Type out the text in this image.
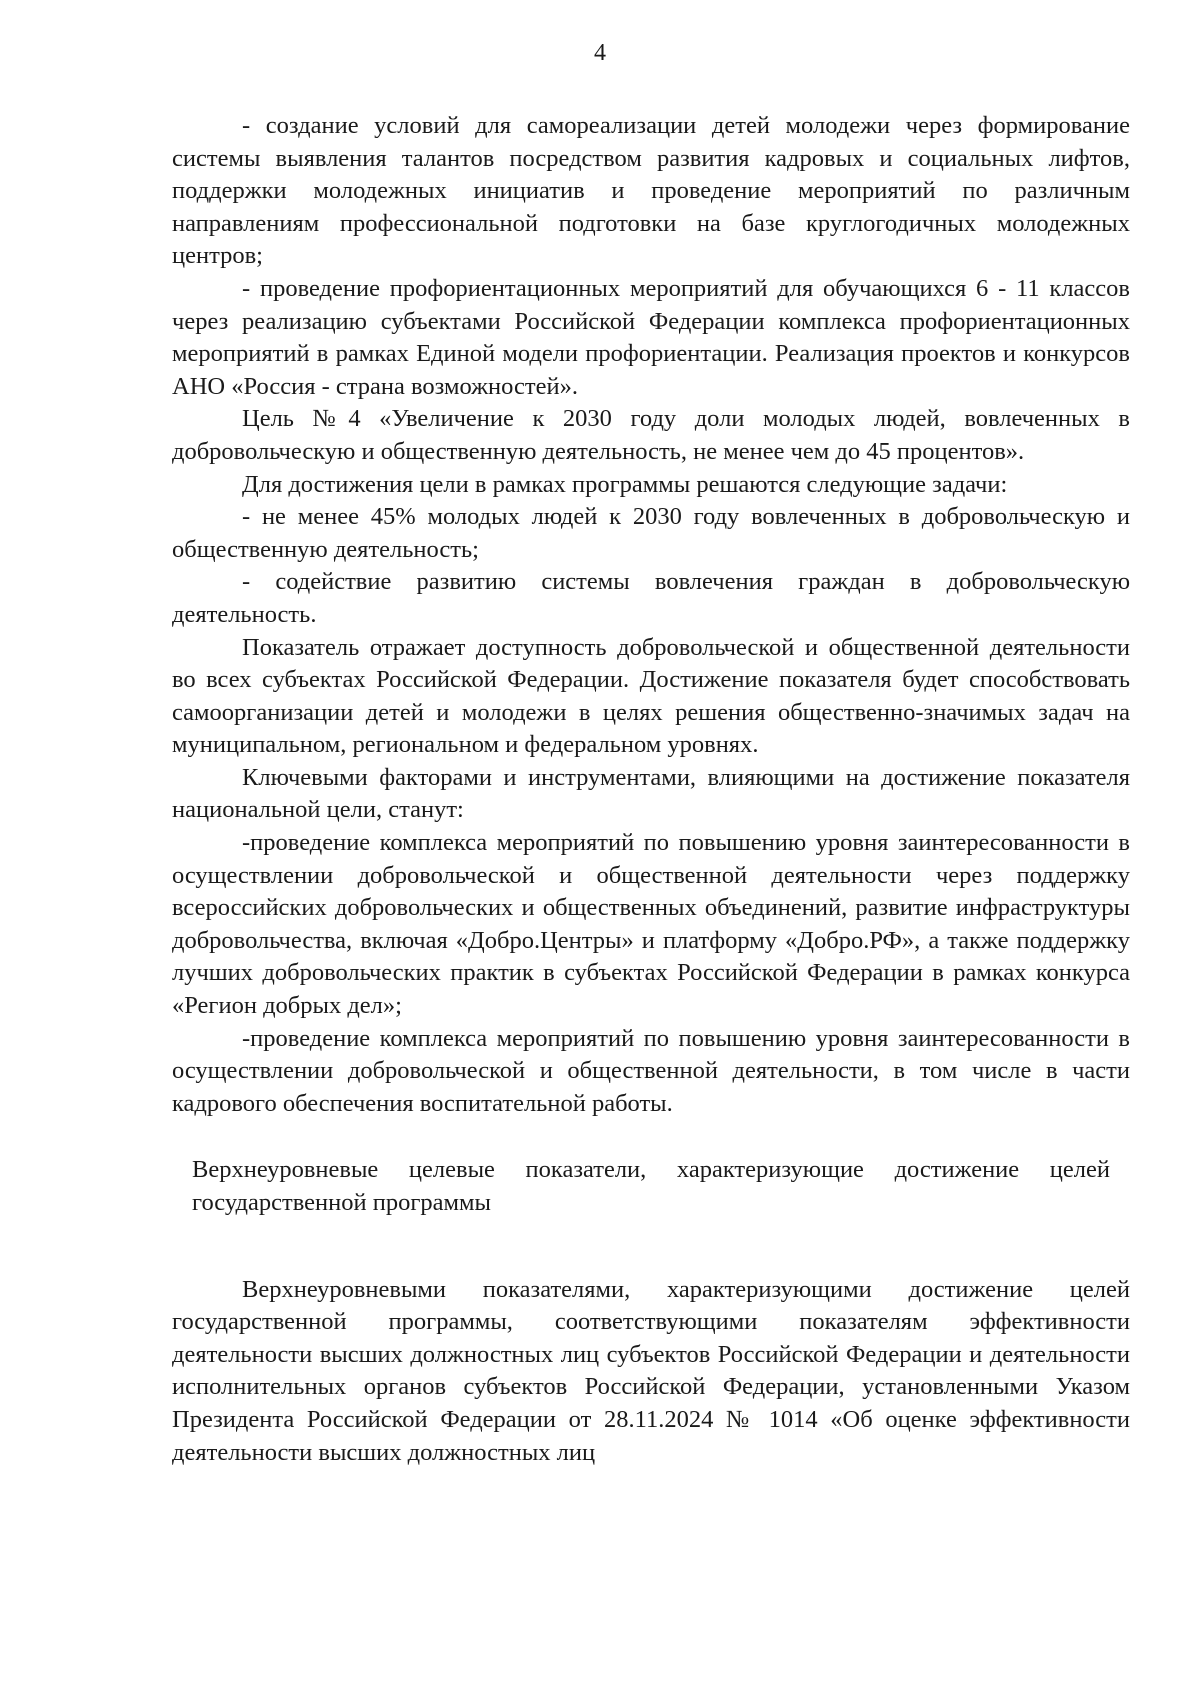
4

- создание условий для самореализации детей молодежи через формирование системы выявления талантов посредством развития кадровых и социальных лифтов, поддержки молодежных инициатив и проведение мероприятий по различным направлениям профессиональной подготовки на базе круглогодичных молодежных центров;

- проведение профориентационных мероприятий для обучающихся 6 - 11 классов через реализацию субъектами Российской Федерации комплекса профориентационных мероприятий в рамках Единой модели профориентации. Реализация проектов и конкурсов АНО «Россия - страна возможностей».

Цель №4 «Увеличение к 2030 году доли молодых людей, вовлеченных в добровольческую и общественную деятельность, не менее чем до 45 процентов».

Для достижения цели в рамках программы решаются следующие задачи:

- не менее 45% молодых людей к 2030 году вовлеченных в добровольческую и общественную деятельность;

- содействие развитию системы вовлечения граждан в добровольческую деятельность.

Показатель отражает доступность добровольческой и общественной деятельности во всех субъектах Российской Федерации. Достижение показателя будет способствовать самоорганизации детей и молодежи в целях решения общественно-значимых задач на муниципальном, региональном и федеральном уровнях.

Ключевыми факторами и инструментами, влияющими на достижение показателя национальной цели, станут:

-проведение комплекса мероприятий по повышению уровня заинтересованности в осуществлении добровольческой и общественной деятельности через поддержку всероссийских добровольческих и общественных объединений, развитие инфраструктуры добровольчества, включая «Добро.Центры» и платформу «Добро.РФ», а также поддержку лучших добровольческих практик в субъектах Российской Федерации в рамках конкурса «Регион добрых дел»;

-проведение комплекса мероприятий по повышению уровня заинтересованности в осуществлении добровольческой и общественной деятельности, в том числе в части кадрового обеспечения воспитательной работы.

Верхнеуровневые целевые показатели, характеризующие достижение целей государственной программы

Верхнеуровневыми показателями, характеризующими достижение целей государственной программы, соответствующими показателям эффективности деятельности высших должностных лиц субъектов Российской Федерации и деятельности исполнительных органов субъектов Российской Федерации, установленными Указом Президента Российской Федерации от 28.11.2024 № 1014 «Об оценке эффективности деятельности высших должностных лиц
